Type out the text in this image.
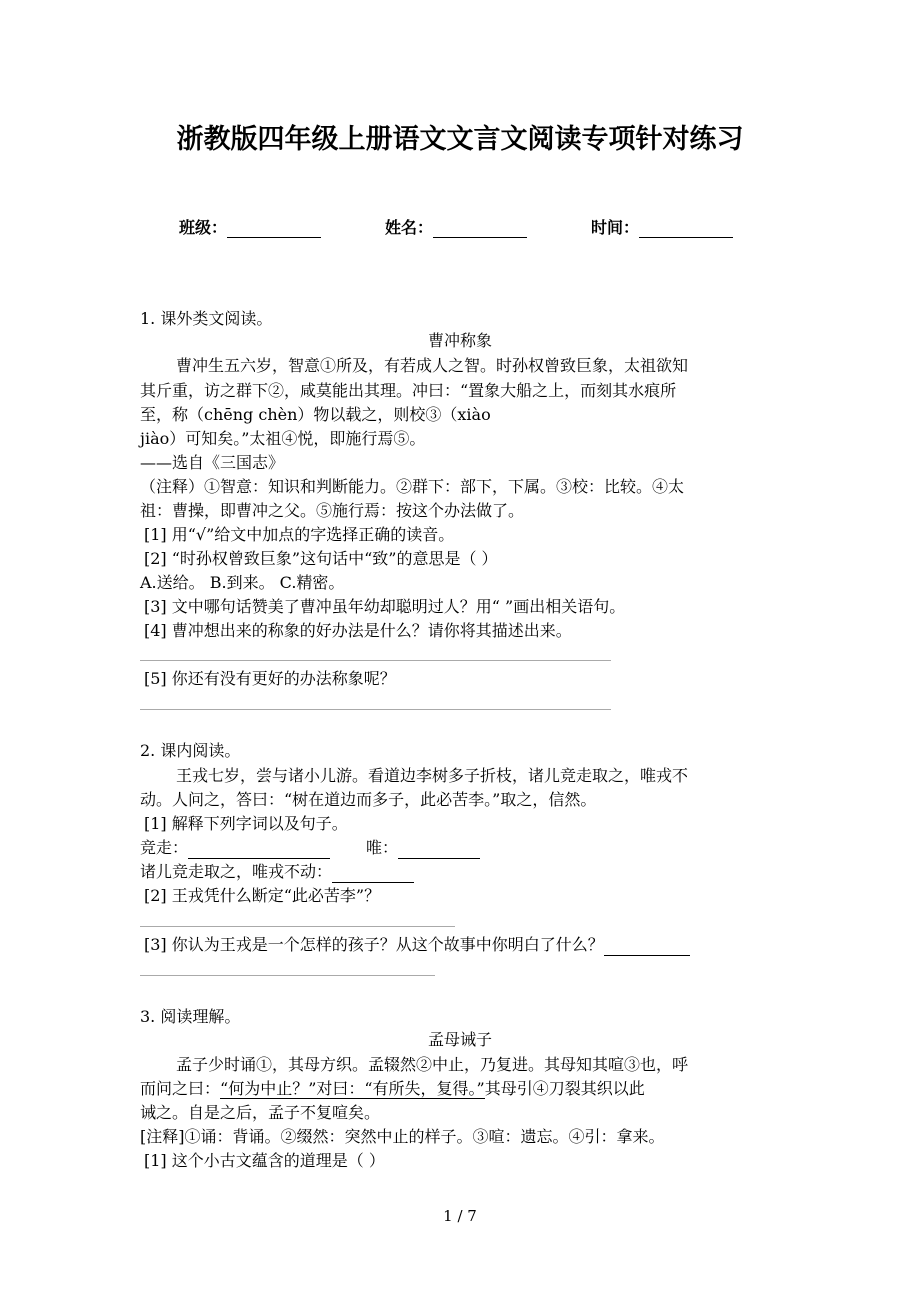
浙教版四年级上册语文文言文阅读专项针对练习
班级：	姓名：	时间：
1. 课外类文阅读。
曹冲称象
曹冲生五六岁，智意①所及，有若成人之智。时孙权曾致巨象，太祖欲知
其斤重，访之群下②，咸莫能出其理。冲曰：“置象大船之上，而刻其水痕所
至，称（chēng chèn）物以载之，则校③（xiào
jiào）可知矣。”太祖④悦，即施行焉⑤。
——选自《三国志》
（注释）①智意：知识和判断能力。②群下：部下，下属。③校：比较。④太
祖：曹操，即曹冲之父。⑤施行焉：按这个办法做了。
[1] 用“√”给文中加点的字选择正确的读音。
[2] “时孙权曾致巨象”这句话中“致”的意思是（ ）
A.送给。 B.到来。 C.精密。
[3] 文中哪句话赞美了曹冲虽年幼却聪明过人？用“ ”画出相关语句。
[4] 曹冲想出来的称象的好办法是什么？请你将其描述出来。
[5] 你还有没有更好的办法称象呢？
2. 课内阅读。
王戎七岁，尝与诸小儿游。看道边李树多子折枝，诸儿竞走取之，唯戎不
动。人问之，答曰：“树在道边而多子，此必苦李。”取之，信然。
[1] 解释下列字词以及句子。
竞走：	唯：
诸儿竞走取之，唯戎不动：
[2] 王戎凭什么断定“此必苦李”？
[3] 你认为王戎是一个怎样的孩子？从这个故事中你明白了什么？
3. 阅读理解。
孟母诫子
孟子少时诵①，其母方织。孟辍然②中止，乃复进。其母知其喧③也，呼
而问之曰：“何为中止？”对曰：“有所失，复得。”其母引④刀裂其织以此
诫之。自是之后，孟子不复喧矣。
[注释]①诵：背诵。②缀然：突然中止的样子。③喧：遗忘。④引：拿来。
[1] 这个小古文蕴含的道理是（ ）
1 / 7
